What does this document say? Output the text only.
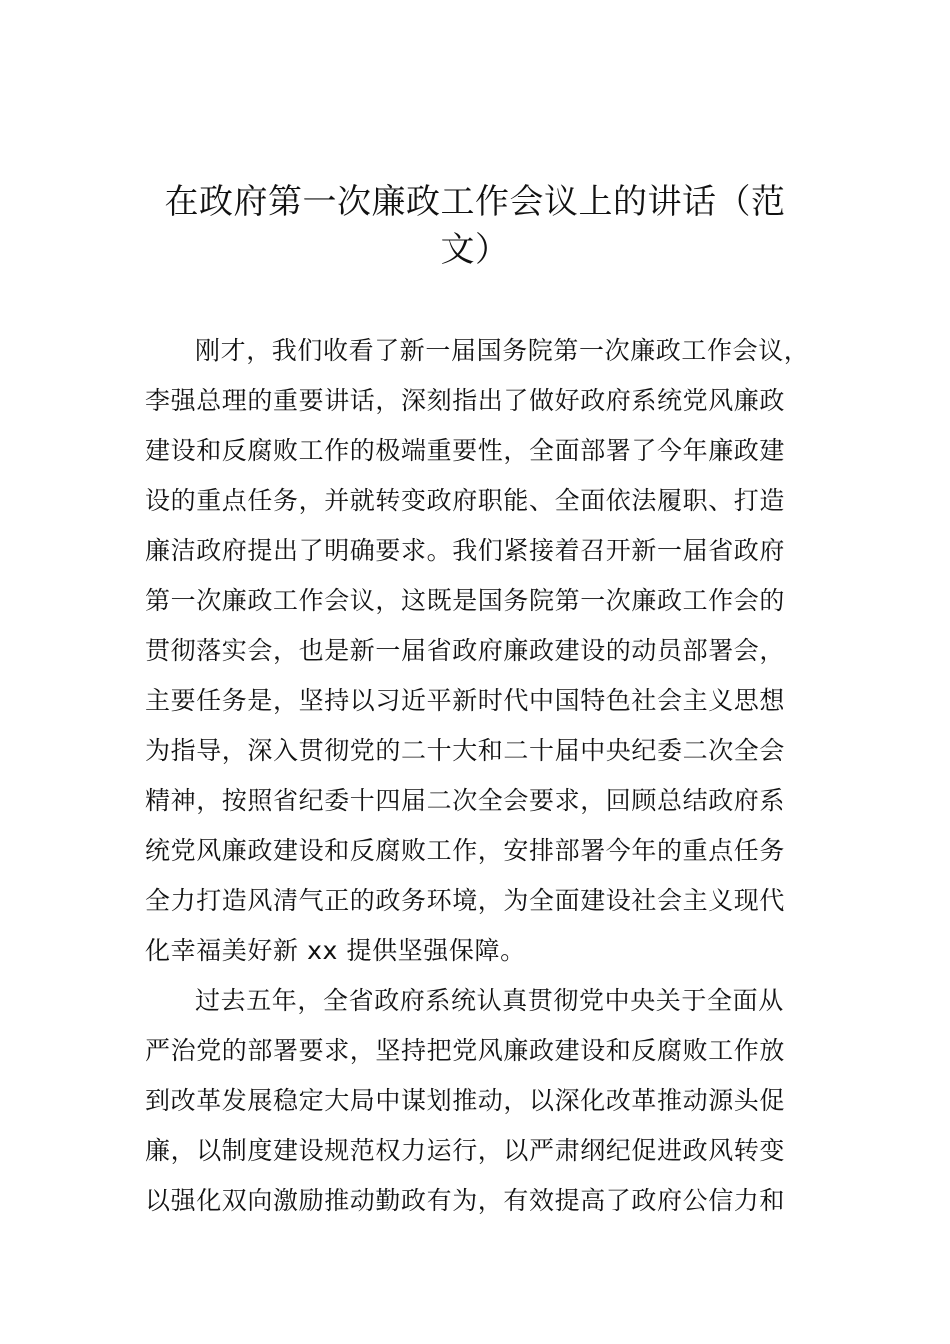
在政府第一次廉政工作会议上的讲话（范
文）
刚才，我们收看了新一届国务院第一次廉政工作会议，
李强总理的重要讲话，深刻指出了做好政府系统党风廉政
建设和反腐败工作的极端重要性，全面部署了今年廉政建
设的重点任务，并就转变政府职能、全面依法履职、打造
廉洁政府提出了明确要求。我们紧接着召开新一届省政府
第一次廉政工作会议，这既是国务院第一次廉政工作会的
贯彻落实会，也是新一届省政府廉政建设的动员部署会，
主要任务是，坚持以习近平新时代中国特色社会主义思想
为指导，深入贯彻党的二十大和二十届中央纪委二次全会
精神，按照省纪委十四届二次全会要求，回顾总结政府系
统党风廉政建设和反腐败工作，安排部署今年的重点任务
全力打造风清气正的政务环境，为全面建设社会主义现代
化幸福美好新 xx 提供坚强保障。
过去五年，全省政府系统认真贯彻党中央关于全面从
严治党的部署要求，坚持把党风廉政建设和反腐败工作放
到改革发展稳定大局中谋划推动，以深化改革推动源头促
廉，以制度建设规范权力运行，以严肃纲纪促进政风转变
以强化双向激励推动勤政有为，有效提高了政府公信力和
